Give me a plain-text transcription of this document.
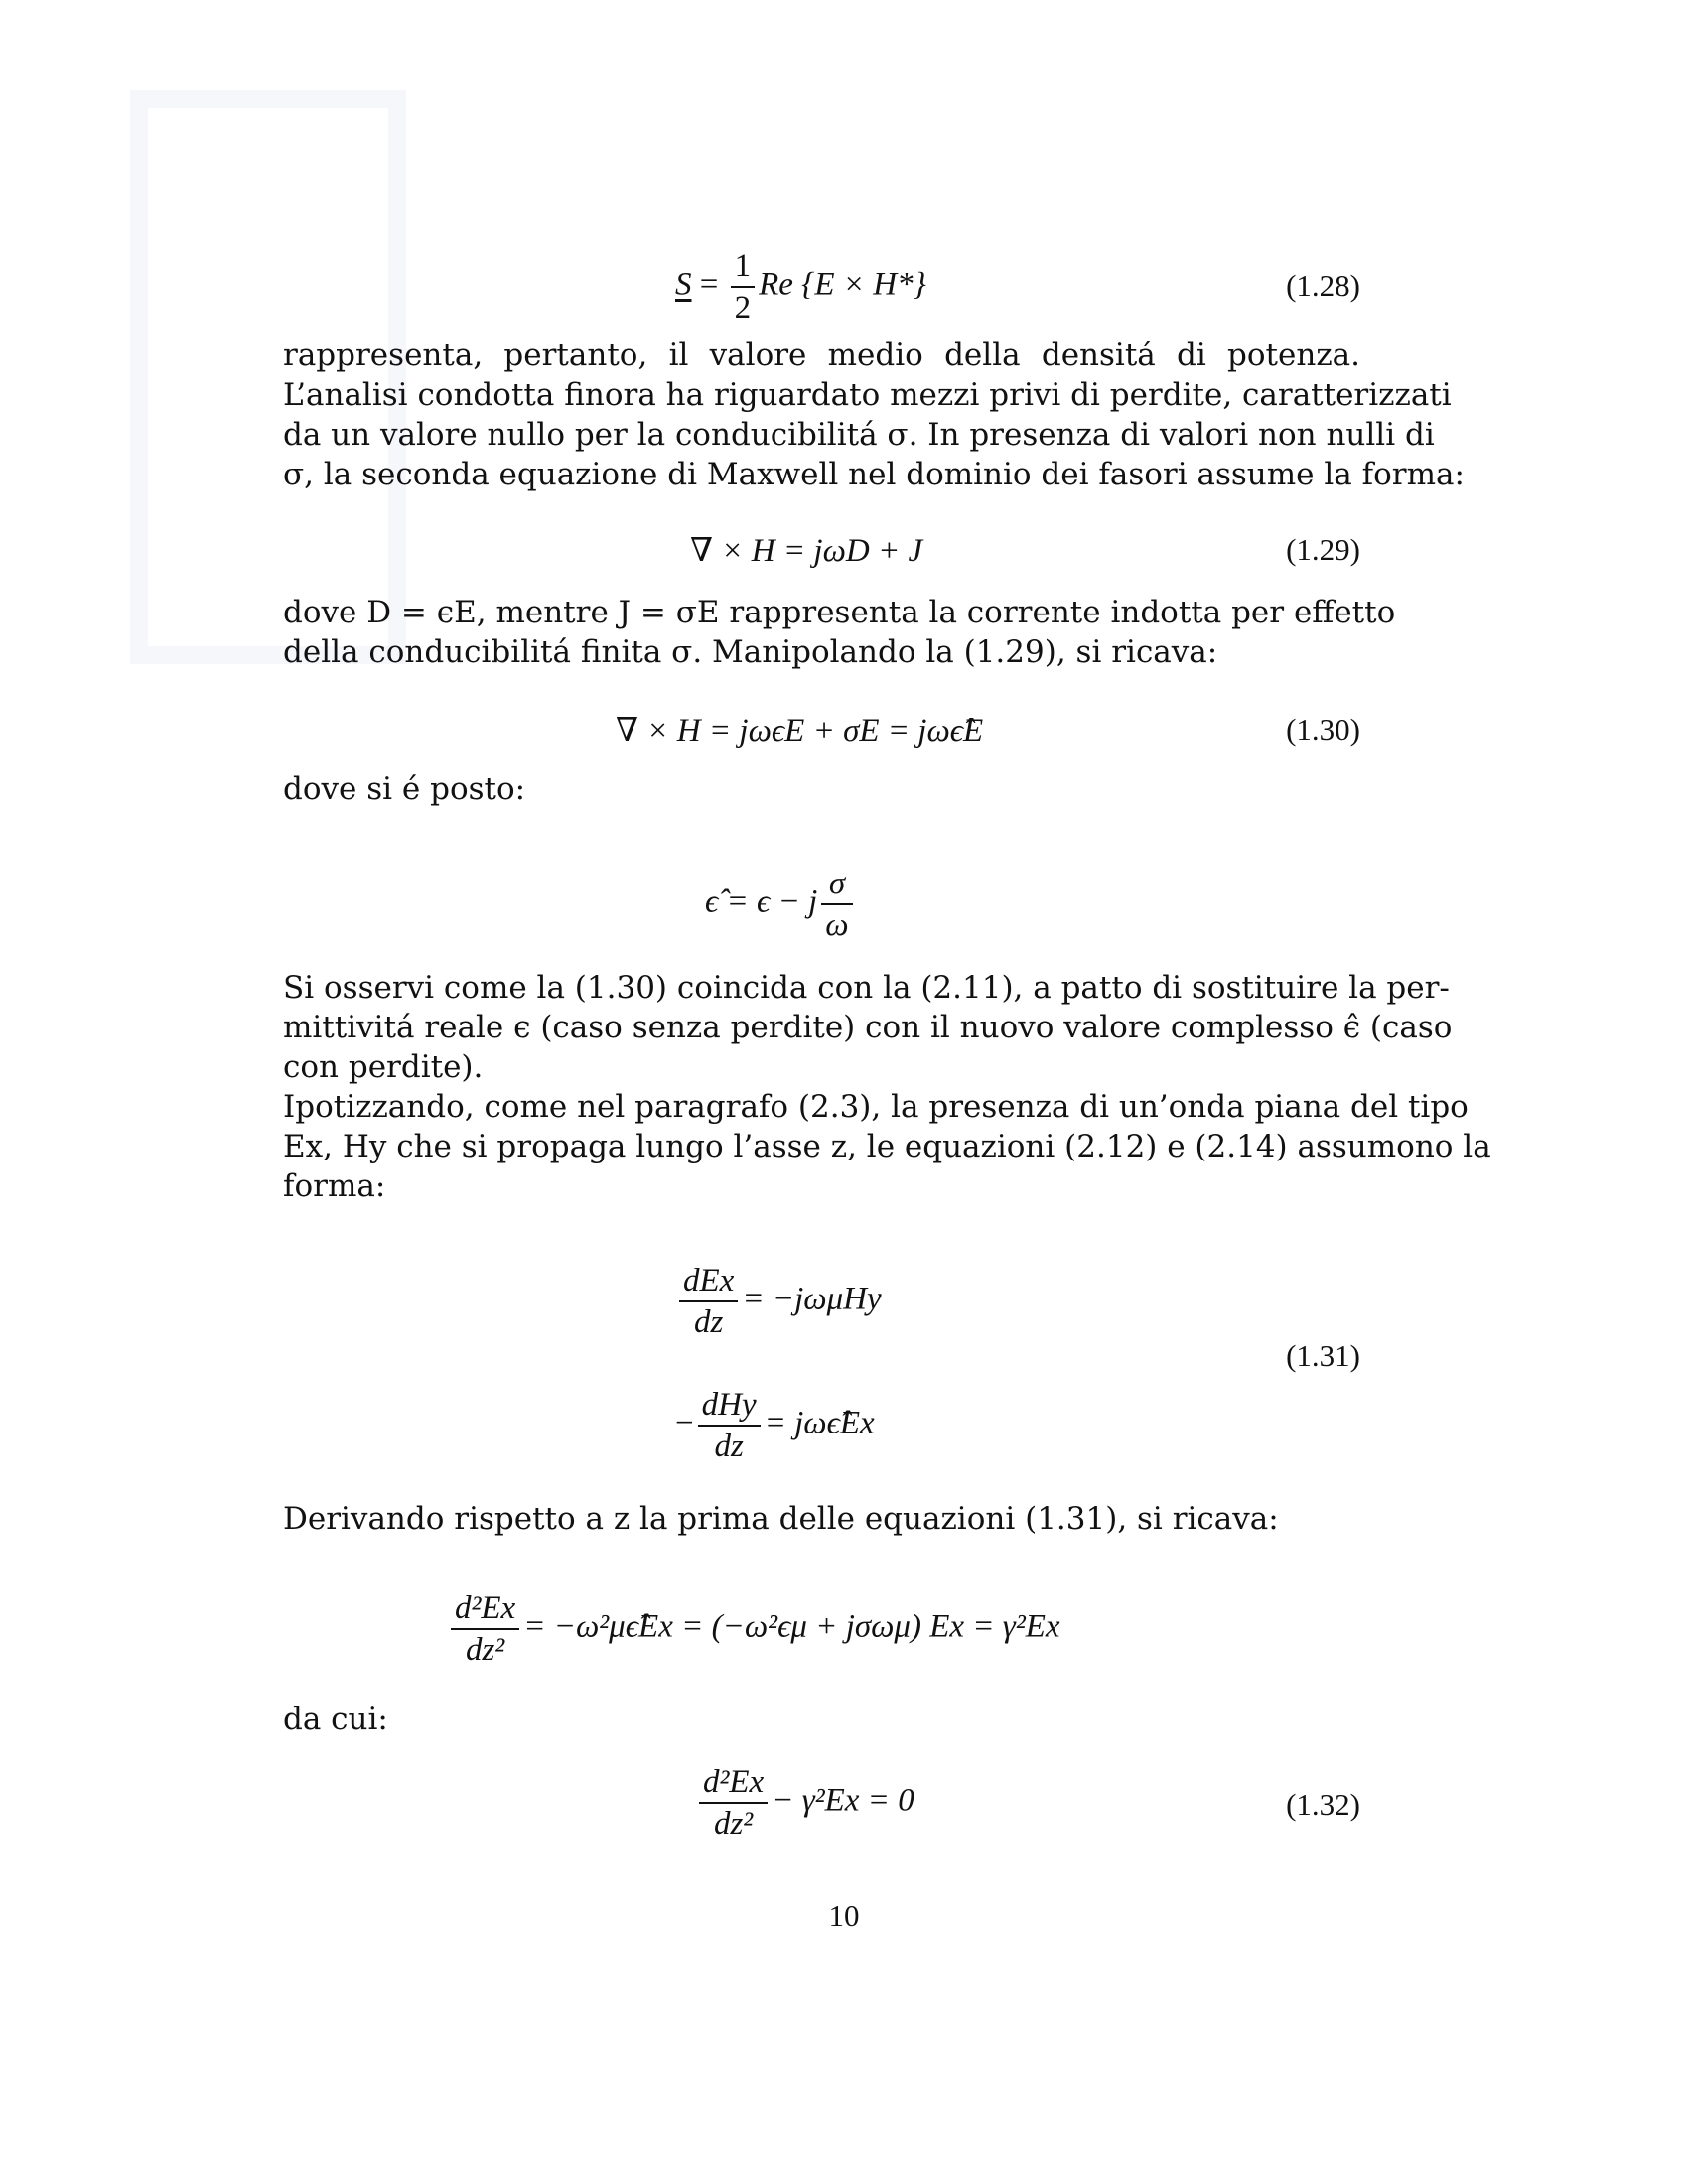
$S = \frac{1}{2}$ Re {E × H*}	(1.28)
rappresenta, pertanto, il valore medio della densitá di potenza.
L’analisi condotta finora ha riguardato mezzi privi di perdite, caratterizzati
da un valore nullo per la conducibilitá σ. In presenza di valori non nulli di
σ, la seconda equazione di Maxwell nel dominio dei fasori assume la forma:
∇ × H = jωD + J	(1.29)
dove D = ϵE, mentre J = σE rappresenta la corrente indotta per effetto
della conducibilitá finita σ. Manipolando la (1.29), si ricava:
∇ × H = jωϵE + σE = jωϵ̂E	(1.30)
dove si é posto:
ϵ̂ = ϵ − j $\frac{\sigma}{\omega}$
Si osservi come la (1.30) coincida con la (2.11), a patto di sostituire la per-
mittivitá reale ϵ (caso senza perdite) con il nuovo valore complesso ϵ̂ (caso
con perdite).
Ipotizzando, come nel paragrafo (2.3), la presenza di un’onda piana del tipo
Ex, Hy che si propaga lungo l’asse z, le equazioni (2.12) e (2.14) assumono la
forma:
$\frac{\text{dEx}}{dz} = -j\omega\mu Hy$
− $\frac{\text{dHy}}{dz}$ = jωϵ̂Ex
(1.31)
Derivando rispetto a z la prima delle equazioni (1.31), si ricava:
$\frac{\text{d²Ex}}{\text{dz²}}$ = −ω²μϵ̂Ex = (−ω²ϵμ + jσωμ) Ex = γ²Ex
da cui:
$\frac{\text{d²Ex}}{\text{dz²}} - \gamma^2Ex = 0$	(1.32)
10
